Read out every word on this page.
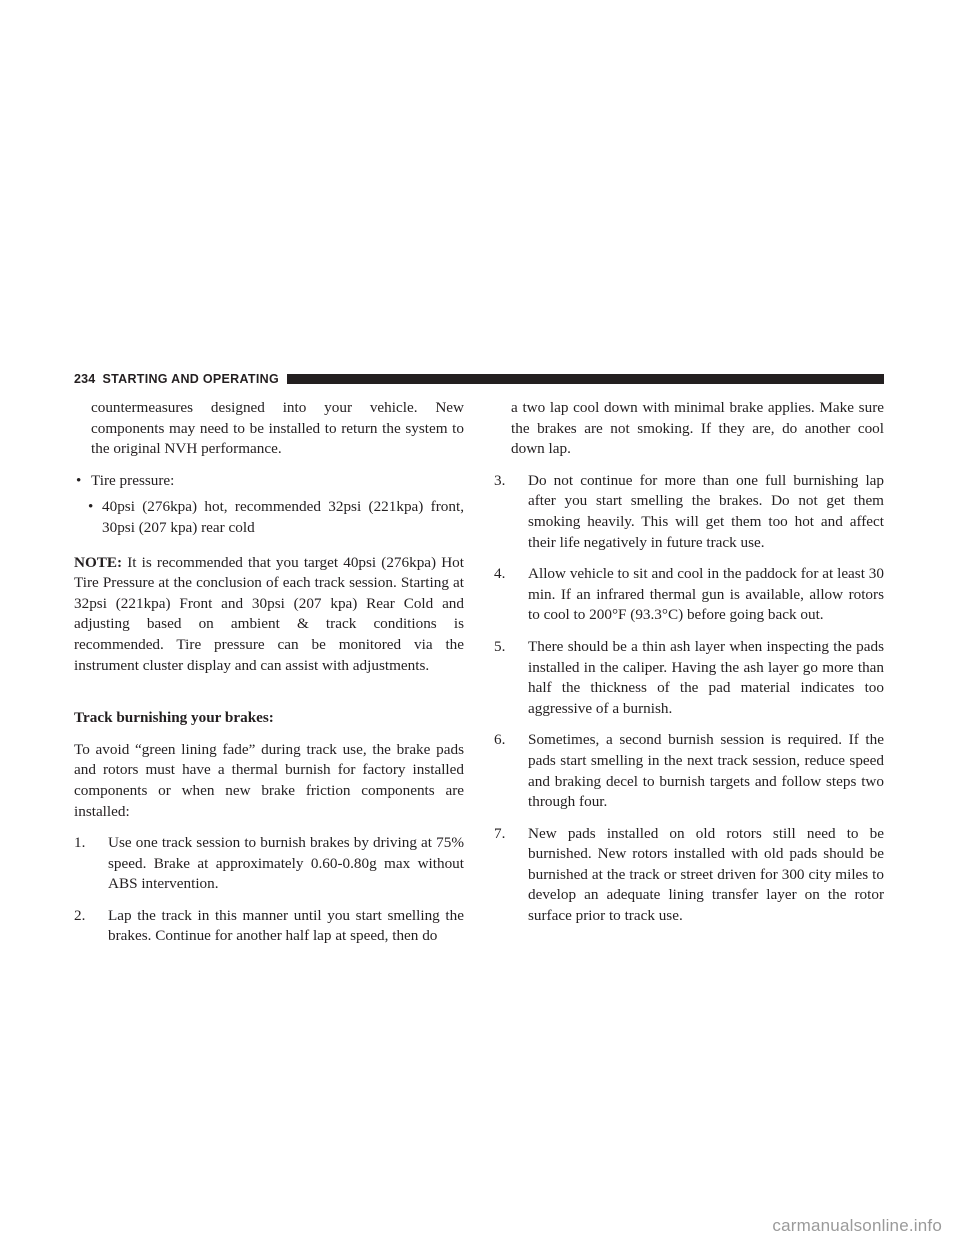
234 STARTING AND OPERATING

countermeasures designed into your vehicle. New components may need to be installed to return the system to the original NVH performance.

• Tire pressure:

• 40psi (276kpa) hot, recommended 32psi (221kpa) front, 30psi (207 kpa) rear cold

NOTE: It is recommended that you target 40psi (276kpa) Hot Tire Pressure at the conclusion of each track session. Starting at 32psi (221kpa) Front and 30psi (207 kpa) Rear Cold and adjusting based on ambient & track conditions is recommended. Tire pressure can be monitored via the instrument cluster display and can assist with adjustments.

Track burnishing your brakes:

To avoid “green lining fade” during track use, the brake pads and rotors must have a thermal burnish for factory installed components or when new brake friction components are installed:

1. Use one track session to burnish brakes by driving at 75% speed. Brake at approximately 0.60-0.80g max without ABS intervention.

2. Lap the track in this manner until you start smelling the brakes. Continue for another half lap at speed, then do

a two lap cool down with minimal brake applies. Make sure the brakes are not smoking. If they are, do another cool down lap.

3. Do not continue for more than one full burnishing lap after you start smelling the brakes. Do not get them smoking heavily. This will get them too hot and affect their life negatively in future track use.

4. Allow vehicle to sit and cool in the paddock for at least 30 min. If an infrared thermal gun is available, allow rotors to cool to 200°F (93.3°C) before going back out.

5. There should be a thin ash layer when inspecting the pads installed in the caliper. Having the ash layer go more than half the thickness of the pad material indicates too aggressive of a burnish.

6. Sometimes, a second burnish session is required. If the pads start smelling in the next track session, reduce speed and braking decel to burnish targets and follow steps two through four.

7. New pads installed on old rotors still need to be burnished. New rotors installed with old pads should be burnished at the track or street driven for 300 city miles to develop an adequate lining transfer layer on the rotor surface prior to track use.

carmanualsonline.info
